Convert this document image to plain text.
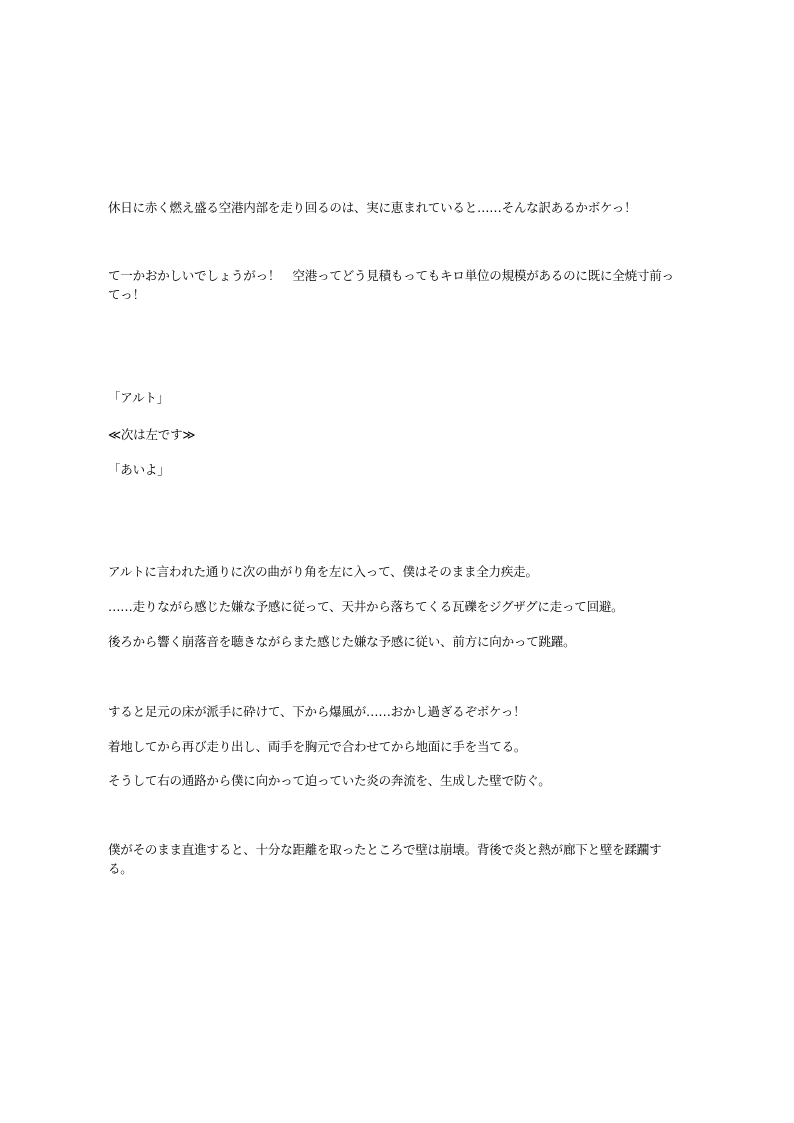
休日に赤く燃え盛る空港内部を走り回るのは、実に恵まれていると……そんな訳あるかボケっ！

て一かおかしいでしょうがっ！　空港ってどう見積もってもキロ単位の規模があるのに既に全焼寸前ってっ！

「アルト」

≪次は左です≫

「あいよ」

アルトに言われた通りに次の曲がり角を左に入って、僕はそのまま全力疾走。

……走りながら感じた嫌な予感に従って、天井から落ちてくる瓦礫をジグザグに走って回避。

後ろから響く崩落音を聴きながらまた感じた嫌な予感に従い、前方に向かって跳躍。

すると足元の床が派手に砕けて、下から爆風が……おかし過ぎるぞボケっ！

着地してから再び走り出し、両手を胸元で合わせてから地面に手を当てる。

そうして右の通路から僕に向かって迫っていた炎の奔流を、生成した壁で防ぐ。

僕がそのまま直進すると、十分な距離を取ったところで壁は崩壊。背後で炎と熱が廊下と壁を蹂躙する。
